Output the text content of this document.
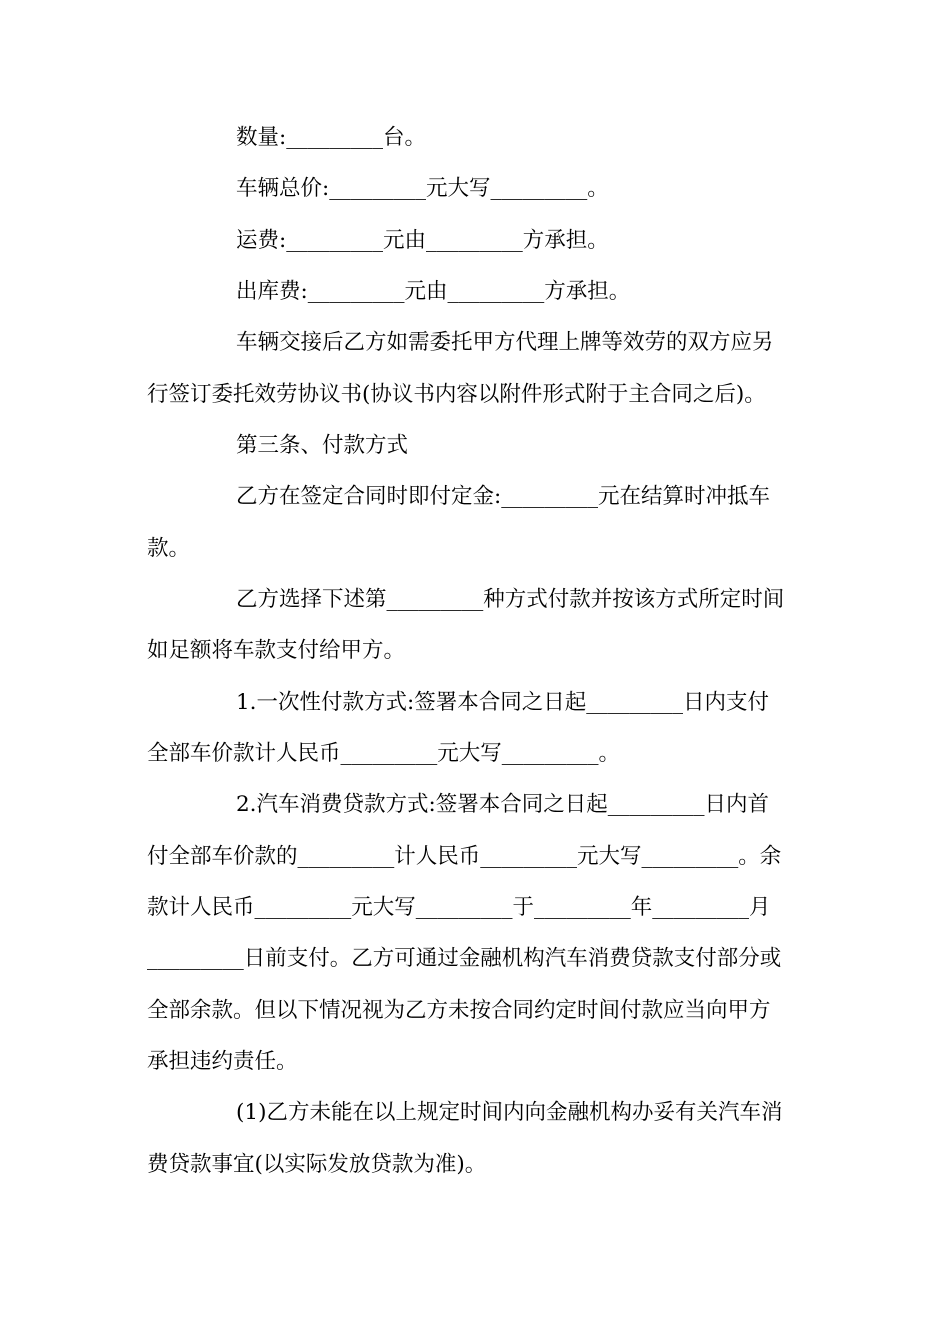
数量:_________台。
车辆总价:_________元大写_________。
运费:_________元由_________方承担。
出库费:_________元由_________方承担。
车辆交接后乙方如需委托甲方代理上牌等效劳的双方应另
行签订委托效劳协议书(协议书内容以附件形式附于主合同之后)。
第三条、付款方式
乙方在签定合同时即付定金:_________元在结算时冲抵车
款。
乙方选择下述第_________种方式付款并按该方式所定时间
如足额将车款支付给甲方。
1.一次性付款方式:签署本合同之日起_________日内支付
全部车价款计人民币_________元大写_________。
2.汽车消费贷款方式:签署本合同之日起_________日内首
付全部车价款的_________计人民币_________元大写_________。余
款计人民币_________元大写_________于_________年_________月
_________日前支付。乙方可通过金融机构汽车消费贷款支付部分或
全部余款。但以下情况视为乙方未按合同约定时间付款应当向甲方
承担违约责任。
(1)乙方未能在以上规定时间内向金融机构办妥有关汽车消
费贷款事宜(以实际发放贷款为准)。
